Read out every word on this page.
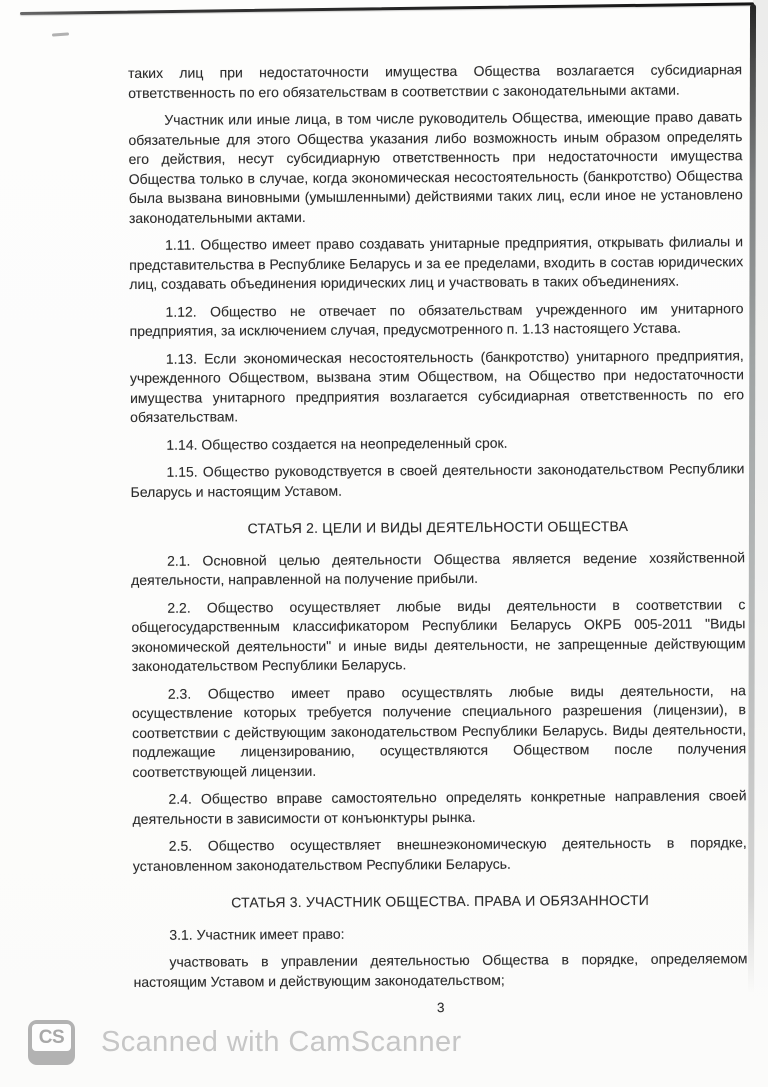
таких лиц при недостаточности имущества Общества возлагается субсидиарная ответственность по его обязательствам в соответствии с законодательными актами.

Участник или иные лица, в том числе руководитель Общества, имеющие право давать обязательные для этого Общества указания либо возможность иным образом определять его действия, несут субсидиарную ответственность при недостаточности имущества Общества только в случае, когда экономическая несостоятельность (банкротство) Общества была вызвана виновными (умышленными) действиями таких лиц, если иное не установлено законодательными актами.

1.11. Общество имеет право создавать унитарные предприятия, открывать филиалы и представительства в Республике Беларусь и за ее пределами, входить в состав юридических лиц, создавать объединения юридических лиц и участвовать в таких объединениях.

1.12. Общество не отвечает по обязательствам учрежденного им унитарного предприятия, за исключением случая, предусмотренного п. 1.13 настоящего Устава.

1.13. Если экономическая несостоятельность (банкротство) унитарного предприятия, учрежденного Обществом, вызвана этим Обществом, на Общество при недостаточности имущества унитарного предприятия возлагается субсидиарная ответственность по его обязательствам.

1.14. Общество создается на неопределенный срок.

1.15. Общество руководствуется в своей деятельности законодательством Республики Беларусь и настоящим Уставом.

СТАТЬЯ 2. ЦЕЛИ И ВИДЫ ДЕЯТЕЛЬНОСТИ ОБЩЕСТВА

2.1. Основной целью деятельности Общества является ведение хозяйственной деятельности, направленной на получение прибыли.

2.2. Общество осуществляет любые виды деятельности в соответствии с общегосударственным классификатором Республики Беларусь ОКРБ 005-2011 "Виды экономической деятельности" и иные виды деятельности, не запрещенные действующим законодательством Республики Беларусь.

2.3. Общество имеет право осуществлять любые виды деятельности, на осуществление которых требуется получение специального разрешения (лицензии), в соответствии с действующим законодательством Республики Беларусь. Виды деятельности, подлежащие лицензированию, осуществляются Обществом после получения соответствующей лицензии.

2.4. Общество вправе самостоятельно определять конкретные направления своей деятельности в зависимости от конъюнктуры рынка.

2.5. Общество осуществляет внешнеэкономическую деятельность в порядке, установленном законодательством Республики Беларусь.

СТАТЬЯ 3. УЧАСТНИК ОБЩЕСТВА. ПРАВА И ОБЯЗАННОСТИ

3.1. Участник имеет право:

участвовать в управлении деятельностью Общества в порядке, определяемом настоящим Уставом и действующим законодательством;

3
CS Scanned with CamScanner
